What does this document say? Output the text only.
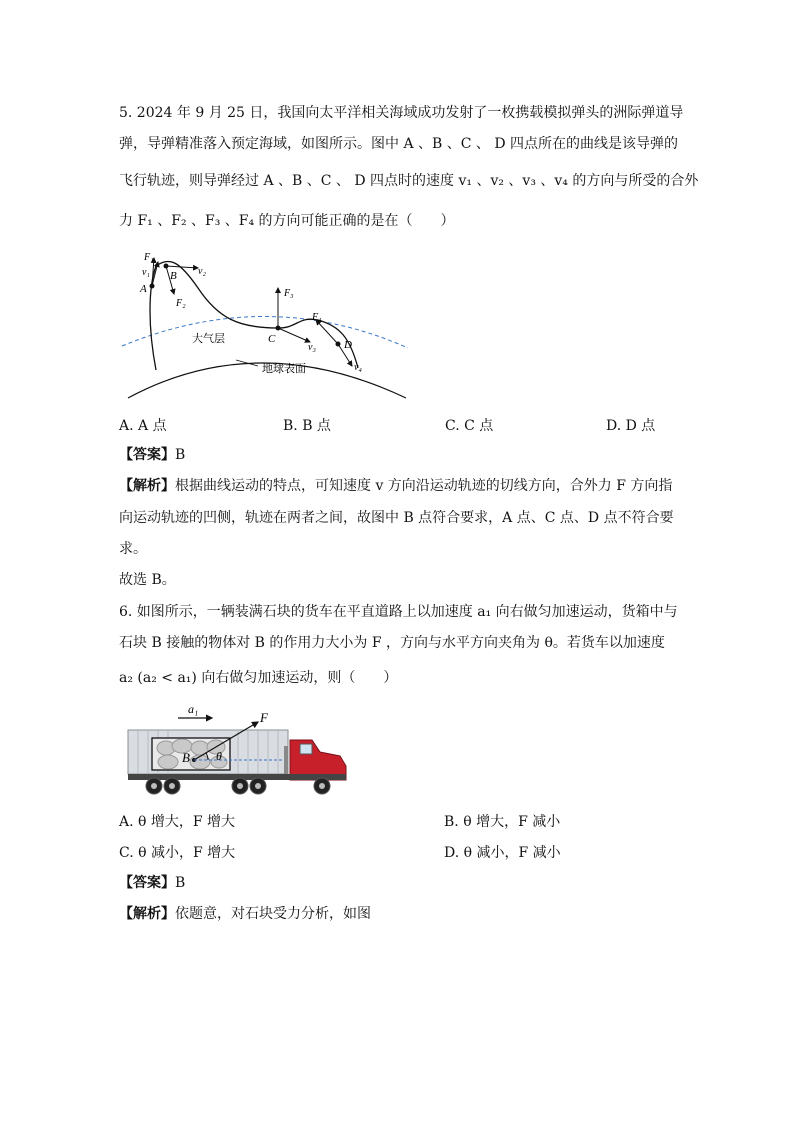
5. 2024 年 9 月 25 日，我国向太平洋相关海域成功发射了一枚携载模拟弹头的洲际弹道导
弹，导弹精准落入预定海域，如图所示。图中 A 、B 、C 、 D 四点所在的曲线是该导弹的
飞行轨迹，则导弹经过 A 、B 、C 、 D 四点时的速度 v₁ 、v₂ 、v₃ 、v₄ 的方向与所受的合外
力 F₁ 、F₂ 、F₃ 、F₄ 的方向可能正确的是在（　　）
A
F₁
v₁ B v₂
F₂
C
F₃
v₃	D
F₄
v₄
大气层
地球表面
A. A 点	B. B 点	C. C 点	D. D 点
【答案】B
【解析】根据曲线运动的特点，可知速度 v 方向沿运动轨迹的切线方向，合外力 F 方向指
向运动轨迹的凹侧，轨迹在两者之间，故图中 B 点符合要求，A 点、C 点、D 点不符合要
求。
故选 B。
6. 如图所示，一辆装满石块的货车在平直道路上以加速度 a₁ 向右做匀加速运动，货箱中与
石块 B 接触的物体对 B 的作用力大小为 F ，方向与水平方向夹角为 θ。若货车以加速度
a₂ (a₂ < a₁) 向右做匀加速运动，则（　　）
B θ
F
a₁
A. θ 增大，F 增大	B. θ 增大，F 减小
C. θ 减小，F 增大	D. θ 减小，F 减小
【答案】B
【解析】依题意，对石块受力分析，如图
